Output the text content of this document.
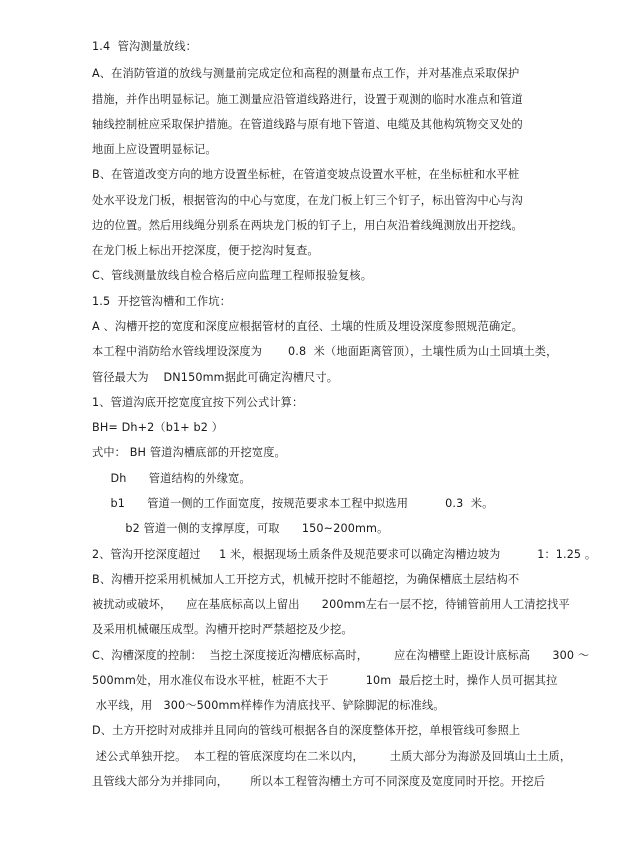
1.4  管沟测量放线：
A、在消防管道的放线与测量前完成定位和高程的测量布点工作，并对基准点采取保护
措施，并作出明显标记。施工测量应沿管道线路进行，设置于观测的临时水准点和管道
轴线控制桩应采取保护措施。在管道线路与原有地下管道、电缆及其他构筑物交叉处的
地面上应设置明显标记。
B、在管道改变方向的地方设置坐标桩，在管道变坡点设置水平桩，在坐标桩和水平桩
处水平设龙门板，根据管沟的中心与宽度，在龙门板上钉三个钉子，标出管沟中心与沟
边的位置。然后用线绳分别系在两块龙门板的钉子上，用白灰沿着线绳测放出开挖线。
在龙门板上标出开挖深度，便于挖沟时复查。
C、管线测量放线自检合格后应向监理工程师报验复核。
1.5  开挖管沟槽和工作坑：
A 、沟槽开挖的宽度和深度应根据管材的直径、土壤的性质及埋设深度参照规范确定。
本工程中消防给水管线埋设深度为       0.8  米（地面距离管顶），土壤性质为山土回填土类，
管径最大为    DN150mm据此可确定沟槽尺寸。
1、管道沟底开挖宽度宜按下列公式计算：
BH= Dh+2（b1+ b2 ）
式中： BH 管道沟槽底部的开挖宽度。
Dh      管道结构的外缘宽。
b1      管道一侧的工作面宽度，按规范要求本工程中拟选用          0.3  米。
b2 管道一侧的支撑厚度，可取      150~200mm。
2、管沟开挖深度超过     1 米，根据现场土质条件及规范要求可以确定沟槽边坡为          1：1.25 。
B、沟槽开挖采用机械加人工开挖方式，机械开挖时不能超挖，为确保槽底土层结构不
被扰动或破坏，    应在基底标高以上留出      200mm左右一层不挖，待铺管前用人工清挖找平
及采用机械碾压成型。沟槽开挖时严禁超挖及少挖。
C、沟槽深度的控制：  当挖土深度接近沟槽底标高时，       应在沟槽壁上距设计底标高      300 ～
500mm处，用水准仪布设水平桩，桩距不大于          10m  最后挖土时，操作人员可据其拉
水平线，用   300～500mm样棒作为清底找平、铲除脚泥的标准线。
D、土方开挖时对成排并且同向的管线可根据各自的深度整体开挖，单根管线可参照上
述公式单独开挖。  本工程的管底深度均在二米以内，       土质大部分为海淤及回填山土土质，
且管线大部分为并排同向，      所以本工程管沟槽土方可不同深度及宽度同时开挖。开挖后
